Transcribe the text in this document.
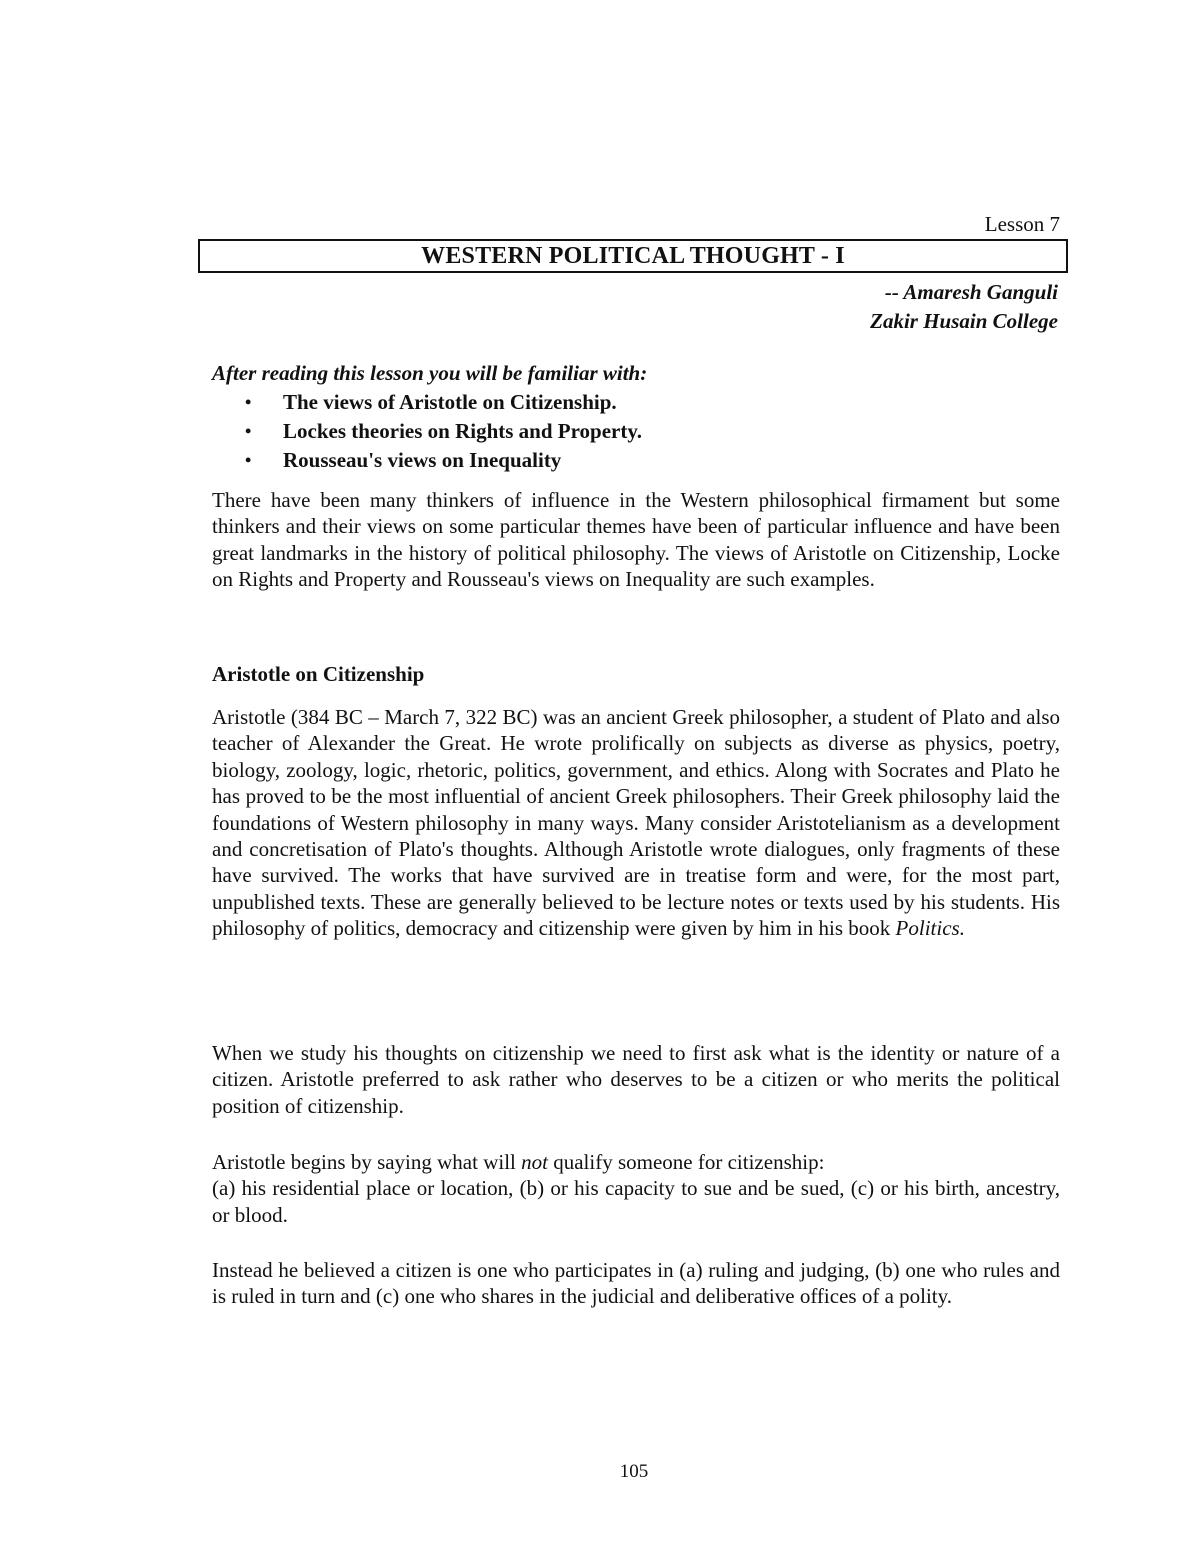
Lesson 7
WESTERN POLITICAL THOUGHT - I
-- Amaresh Ganguli
Zakir Husain College
After reading this lesson you will be familiar with:
•	The views of Aristotle on Citizenship.
•	Lockes theories on Rights and Property.
•	Rousseau's views on Inequality

There have been many thinkers of influence in the Western philosophical firmament but some thinkers and their views on some particular themes have been of particular influence and have been great landmarks in the history of political philosophy. The views of Aristotle on Citizenship, Locke on Rights and Property and Rousseau's views on Inequality are such examples.

Aristotle on Citizenship

Aristotle (384 BC – March 7, 322 BC) was an ancient Greek philosopher, a student of Plato and also teacher of Alexander the Great. He wrote prolifically on subjects as diverse as physics, poetry, biology, zoology, logic, rhetoric, politics, government, and ethics. Along with Socrates and Plato he has proved to be the most influential of ancient Greek philosophers. Their Greek philosophy laid the foundations of Western philosophy in many ways. Many consider Aristotelianism as a development and concretisation of Plato's thoughts. Although Aristotle wrote dialogues, only fragments of these have survived. The works that have survived are in treatise form and were, for the most part, unpublished texts. These are generally believed to be lecture notes or texts used by his students. His philosophy of politics, democracy and citizenship were given by him in his book Politics.

When we study his thoughts on citizenship we need to first ask what is the identity or nature of a citizen. Aristotle preferred to ask rather who deserves to be a citizen or who merits the political position of citizenship.

Aristotle begins by saying what will not qualify someone for citizenship:
(a) his residential place or location, (b) or his capacity to sue and be sued, (c) or his birth, ancestry, or blood.

Instead he believed a citizen is one who participates in (a) ruling and judging, (b) one who rules and is ruled in turn and (c) one who shares in the judicial and deliberative offices of a polity.

105
